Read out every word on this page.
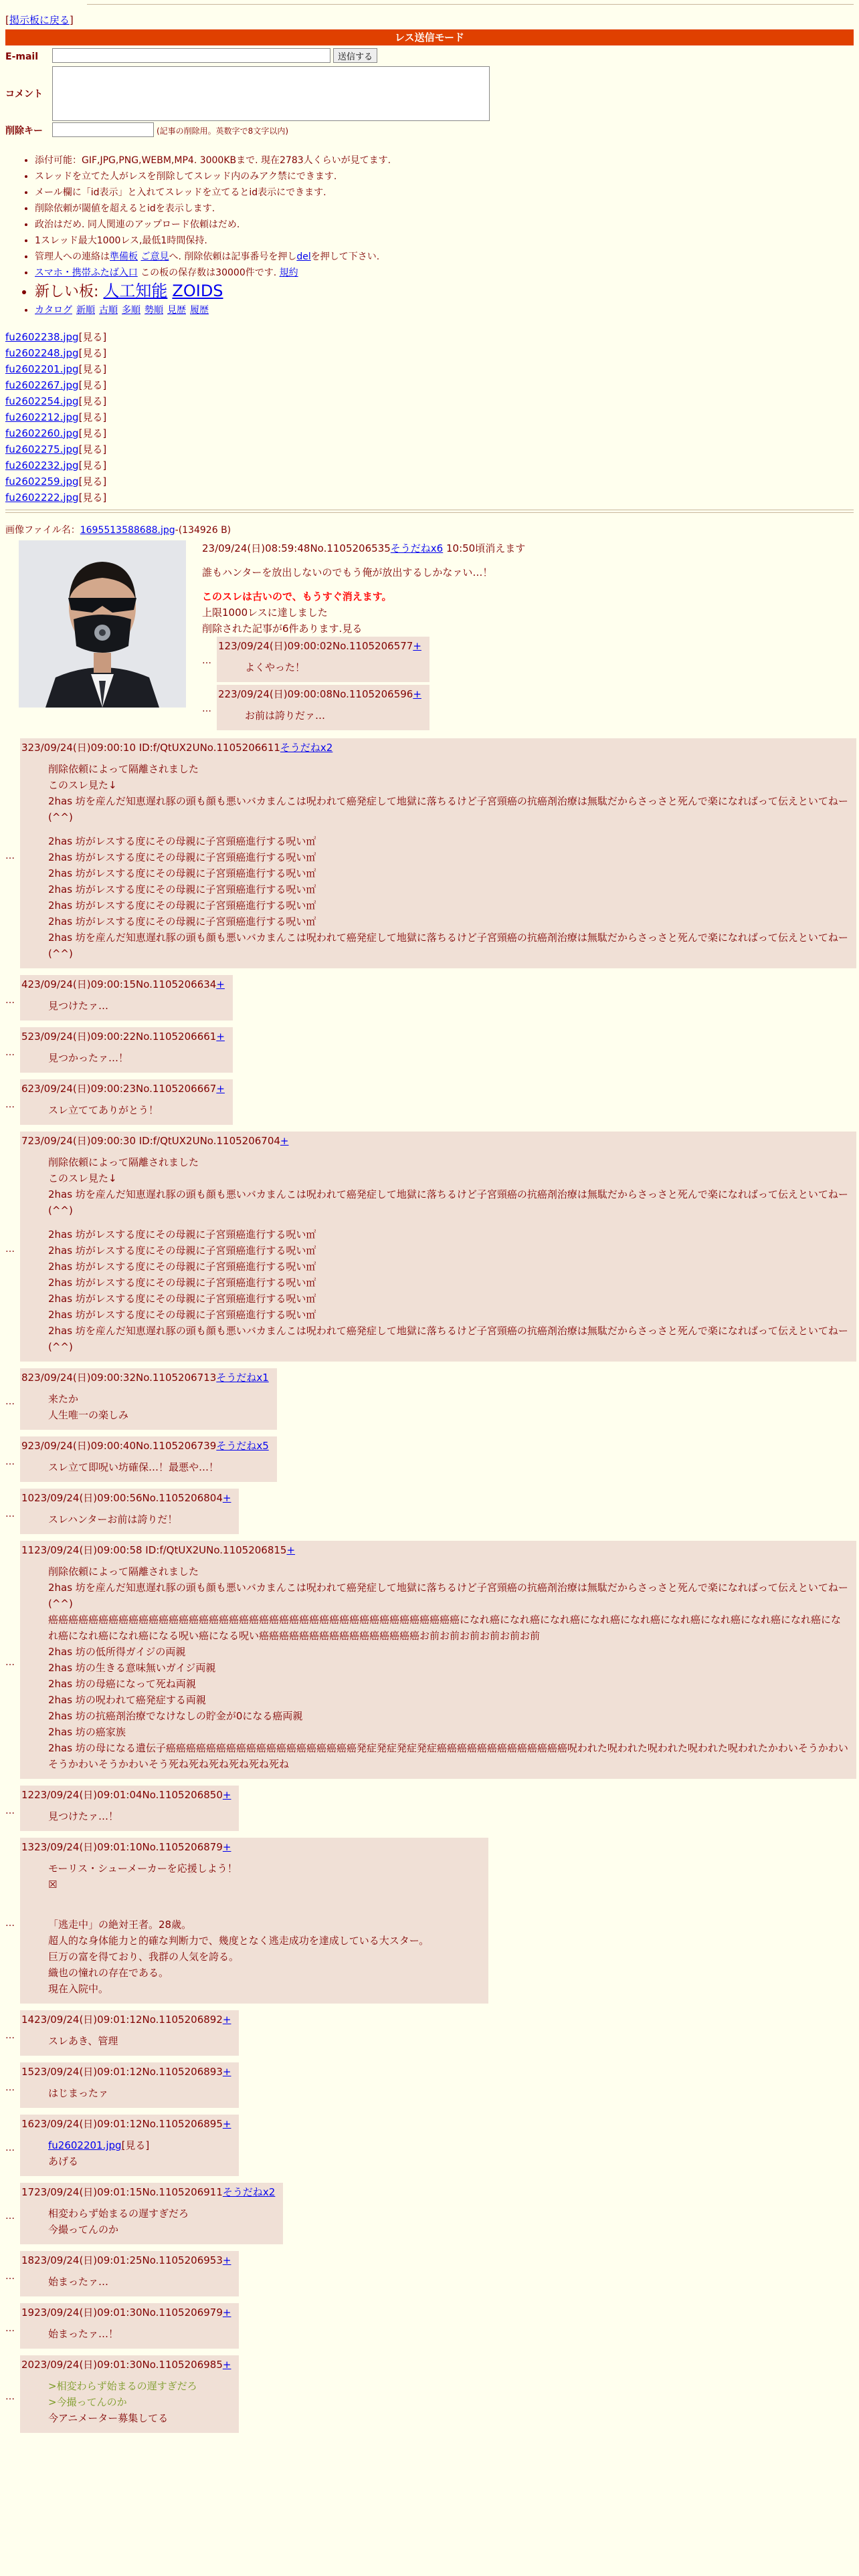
[掲示板に戻る]
レス送信モード
E-mail	送信する
コメント
削除キー	(記事の削除用。英数字で8文字以内)
• 添付可能：GIF,JPG,PNG,WEBM,MP4. 3000KBまで. 現在2783人くらいが見てます.
• スレッドを立てた人がレスを削除してスレッド内のみアク禁にできます.
• メール欄に「id表示」と入れてスレッドを立てるとid表示にできます.
• 削除依頼が閾値を超えるとidを表示します.
• 政治はだめ. 同人関連のアップロード依頼はだめ.
• 1スレッド最大1000レス,最低1時間保持.
• 管理人への連絡は準備板 ご意見へ. 削除依頼は記事番号を押しdelを押して下さい.
• スマホ・携帯ふたば入口 この板の保存数は30000件です. 規約
• 新しい板: 人工知能 ZOIDS
• カタログ 新順 古順 多順 勢順 見歴 履歴
fu2602238.jpg[見る]
fu2602248.jpg[見る]
fu2602201.jpg[見る]
fu2602267.jpg[見る]
fu2602254.jpg[見る]
fu2602212.jpg[見る]
fu2602260.jpg[見る]
fu2602275.jpg[見る]
fu2602232.jpg[見る]
fu2602259.jpg[見る]
fu2602222.jpg[見る]
画像ファイル名：1695513588688.jpg-(134926 B)
23/09/24(日)08:59:48No.1105206535そうだねx6 10:50頃消えます
誰もハンターを放出しないのでもう俺が放出するしかなァい…！
このスレは古いので、もうすぐ消えます。
上限1000レスに達しました
削除された記事が6件あります.見る
…
123/09/24(日)09:00:02No.1105206577+
よくやった！
…
223/09/24(日)09:00:08No.1105206596+
お前は誇りだァ…
…
323/09/24(日)09:00:10 ID:f/QtUX2UNo.1105206611そうだねx2
削除依頼によって隔離されました
このスレ見た↓
2has 坊を産んだ知恵遅れ豚の頭も顔も悪いバカまんこは呪われて癌発症して地獄に落ちるけど子宮頸癌の抗癌剤治療は無駄だからさっさと死んで楽になればって伝えといてねー(^^)
2has 坊がレスする度にその母親に子宮頸癌進行する呪い㎡
2has 坊がレスする度にその母親に子宮頸癌進行する呪い㎡
2has 坊がレスする度にその母親に子宮頸癌進行する呪い㎡
2has 坊がレスする度にその母親に子宮頸癌進行する呪い㎡
2has 坊がレスする度にその母親に子宮頸癌進行する呪い㎡
2has 坊がレスする度にその母親に子宮頸癌進行する呪い㎡
2has 坊を産んだ知恵遅れ豚の頭も顔も悪いバカまんこは呪われて癌発症して地獄に落ちるけど子宮頸癌の抗癌剤治療は無駄だからさっさと死んで楽になればって伝えといてねー(^^)
…
423/09/24(日)09:00:15No.1105206634+
見つけたァ…
…
523/09/24(日)09:00:22No.1105206661+
見つかったァ…！
…
623/09/24(日)09:00:23No.1105206667+
スレ立ててありがとう！
…
723/09/24(日)09:00:30 ID:f/QtUX2UNo.1105206704+
削除依頼によって隔離されました
このスレ見た↓
2has 坊を産んだ知恵遅れ豚の頭も顔も悪いバカまんこは呪われて癌発症して地獄に落ちるけど子宮頸癌の抗癌剤治療は無駄だからさっさと死んで楽になればって伝えといてねー(^^)
2has 坊がレスする度にその母親に子宮頸癌進行する呪い㎡
2has 坊がレスする度にその母親に子宮頸癌進行する呪い㎡
2has 坊がレスする度にその母親に子宮頸癌進行する呪い㎡
2has 坊がレスする度にその母親に子宮頸癌進行する呪い㎡
2has 坊がレスする度にその母親に子宮頸癌進行する呪い㎡
2has 坊がレスする度にその母親に子宮頸癌進行する呪い㎡
2has 坊を産んだ知恵遅れ豚の頭も顔も悪いバカまんこは呪われて癌発症して地獄に落ちるけど子宮頸癌の抗癌剤治療は無駄だからさっさと死んで楽になればって伝えといてねー(^^)
…
823/09/24(日)09:00:32No.1105206713そうだねx1
来たか
人生唯一の楽しみ
…
923/09/24(日)09:00:40No.1105206739そうだねx5
スレ立て即呪い坊確保…！最悪や…！
…
1023/09/24(日)09:00:56No.1105206804+
スレハンターお前は誇りだ！
…
1123/09/24(日)09:00:58 ID:f/QtUX2UNo.1105206815+
削除依頼によって隔離されました
2has 坊を産んだ知恵遅れ豚の頭も顔も悪いバカまんこは呪われて癌発症して地獄に落ちるけど子宮頸癌の抗癌剤治療は無駄だからさっさと死んで楽になればって伝えといてねー(^^)
癌癌癌癌癌癌癌癌癌癌癌癌癌癌癌癌癌癌癌癌癌癌癌癌癌癌癌癌癌癌癌癌癌癌癌癌癌癌癌癌癌になれ癌になれ癌になれ癌になれ癌になれ癌になれ癌になれ癌になれ癌になれ癌になれ癌になれ癌になれ癌になる呪い癌になる呪い癌癌癌癌癌癌癌癌癌癌癌癌癌癌癌癌お前お前お前お前お前お前
2has 坊の低所得ガイジの両親
2has 坊の生きる意味無いガイジ両親
2has 坊の母癌になって死ね両親
2has 坊の呪われて癌発症する両親
2has 坊の抗癌剤治療でなけなしの貯金が0になる癌両親
2has 坊の癌家族
2has 坊の母になる遺伝子癌癌癌癌癌癌癌癌癌癌癌癌癌癌癌癌癌癌癌発症発症発症発症癌癌癌癌癌癌癌癌癌癌癌癌癌呪われた呪われた呪われた呪われた呪われたかわいそうかわいそうかわいそうかわいそう死ね死ね死ね死ね死ね死ね
…
1223/09/24(日)09:01:04No.1105206850+
見つけたァ…！
…
1323/09/24(日)09:01:10No.1105206879+
モーリス・シューメーカーを応援しよう！
☒
「逃走中」の絶対王者。28歳。
超人的な身体能力と的確な判断力で、幾度となく逃走成功を達成している大スター。
巨万の富を得ており、我群の人気を誇る。
織也の憧れの存在である。
現在入院中。
…
1423/09/24(日)09:01:12No.1105206892+
スレあき、管理
…
1523/09/24(日)09:01:12No.1105206893+
はじまったァ
…
1623/09/24(日)09:01:12No.1105206895+
fu2602201.jpg[見る]
あげる
…
1723/09/24(日)09:01:15No.1105206911そうだねx2
相変わらず始まるの遅すぎだろ
今撮ってんのか
…
1823/09/24(日)09:01:25No.1105206953+
始まったァ…
…
1923/09/24(日)09:01:30No.1105206979+
始まったァ…！
…
2023/09/24(日)09:01:30No.1105206985+
>相変わらず始まるの遅すぎだろ
>今撮ってんのか
今アニメーター募集してる
